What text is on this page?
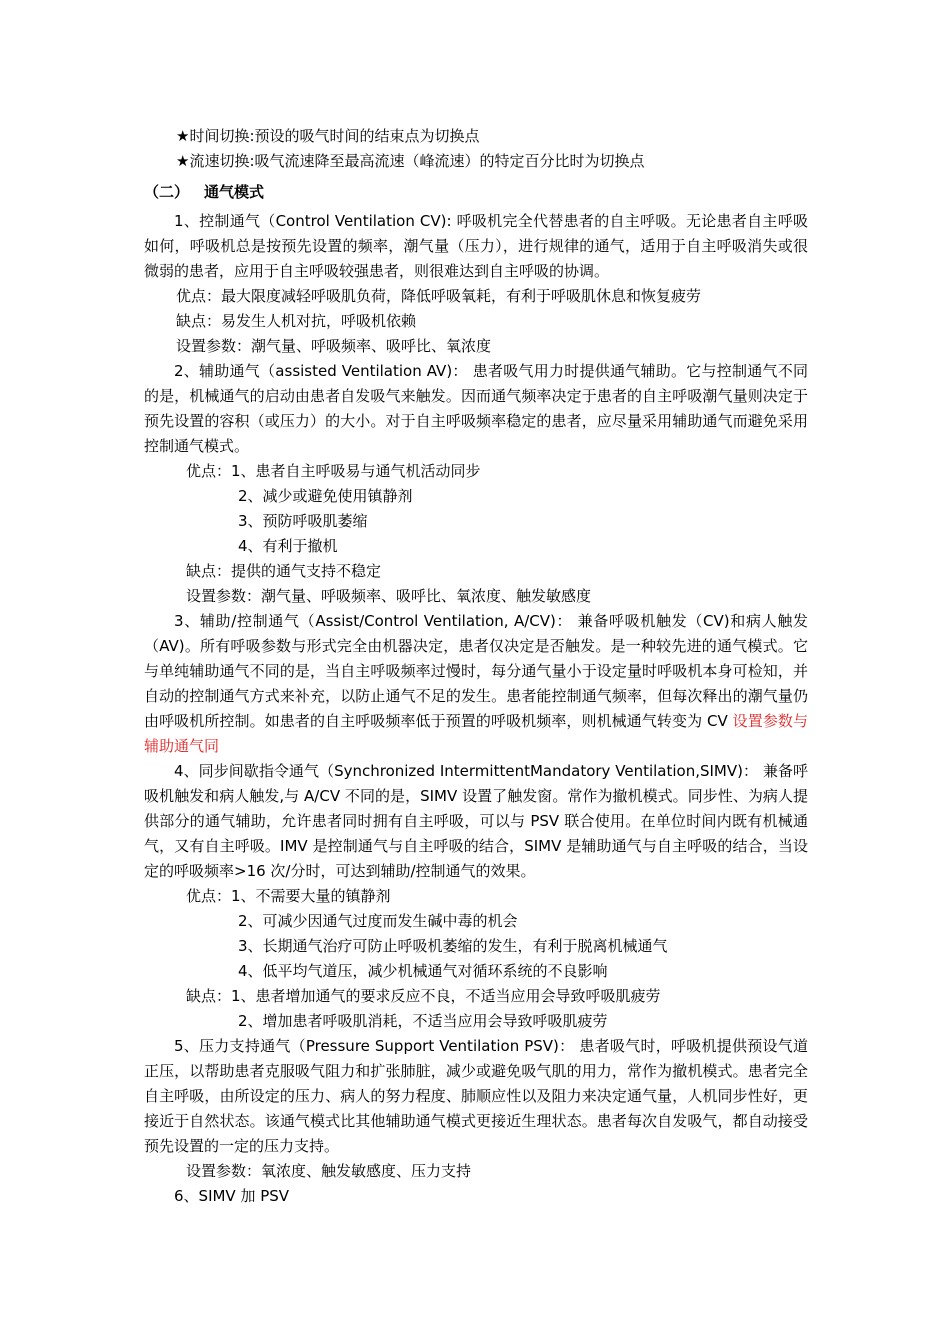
★时间切换:预设的吸气时间的结束点为切换点
★流速切换:吸气流速降至最高流速（峰流速）的特定百分比时为切换点
（二） 通气模式
1、控制通气（Control Ventilation CV): 呼吸机完全代替患者的自主呼吸。无论患者自主呼吸如何，呼吸机总是按预先设置的频率，潮气量（压力），进行规律的通气，适用于自主呼吸消失或很微弱的患者，应用于自主呼吸较强患者，则很难达到自主呼吸的协调。
优点：最大限度减轻呼吸肌负荷，降低呼吸氧耗，有利于呼吸肌休息和恢复疲劳
缺点：易发生人机对抗，呼吸机依赖
设置参数：潮气量、呼吸频率、吸呼比、氧浓度
2、辅助通气（assisted Ventilation AV)： 患者吸气用力时提供通气辅助。它与控制通气不同的是，机械通气的启动由患者自发吸气来触发。因而通气频率决定于患者的自主呼吸潮气量则决定于预先设置的容积（或压力）的大小。对于自主呼吸频率稳定的患者，应尽量采用辅助通气而避免采用控制通气模式。
优点：1、患者自主呼吸易与通气机活动同步
2、减少或避免使用镇静剂
3、预防呼吸肌萎缩
4、有利于撤机
缺点：提供的通气支持不稳定
设置参数：潮气量、呼吸频率、吸呼比、氧浓度、触发敏感度
3、辅助/控制通气（Assist/Control Ventilation, A/CV)： 兼备呼吸机触发（CV)和病人触发（AV)。所有呼吸参数与形式完全由机器决定，患者仅决定是否触发。是一种较先进的通气模式。它与单纯辅助通气不同的是，当自主呼吸频率过慢时，每分通气量小于设定量时呼吸机本身可检知，并自动的控制通气方式来补充，以防止通气不足的发生。患者能控制通气频率，但每次释出的潮气量仍由呼吸机所控制。如患者的自主呼吸频率低于预置的呼吸机频率，则机械通气转变为 CV 设置参数与辅助通气同
4、同步间歇指令通气（Synchronized IntermittentMandatory Ventilation,SIMV)： 兼备呼吸机触发和病人触发,与 A/CV 不同的是，SIMV 设置了触发窗。常作为撤机模式。同步性、为病人提供部分的通气辅助，允许患者同时拥有自主呼吸，可以与 PSV 联合使用。在单位时间内既有机械通气，又有自主呼吸。IMV 是控制通气与自主呼吸的结合，SIMV 是辅助通气与自主呼吸的结合，当设定的呼吸频率>16 次/分时，可达到辅助/控制通气的效果。
优点：1、不需要大量的镇静剂
2、可减少因通气过度而发生碱中毒的机会
3、长期通气治疗可防止呼吸机萎缩的发生，有利于脱离机械通气
4、低平均气道压，减少机械通气对循环系统的不良影响
缺点：1、患者增加通气的要求反应不良，不适当应用会导致呼吸肌疲劳
2、增加患者呼吸肌消耗，不适当应用会导致呼吸肌疲劳
5、压力支持通气（Pressure Support Ventilation PSV)： 患者吸气时，呼吸机提供预设气道正压，以帮助患者克服吸气阻力和扩张肺脏，减少或避免吸气肌的用力，常作为撤机模式。患者完全自主呼吸，由所设定的压力、病人的努力程度、肺顺应性以及阻力来决定通气量，人机同步性好，更接近于自然状态。该通气模式比其他辅助通气模式更接近生理状态。患者每次自发吸气，都自动接受预先设置的一定的压力支持。
设置参数：氧浓度、触发敏感度、压力支持
6、SIMV 加 PSV
